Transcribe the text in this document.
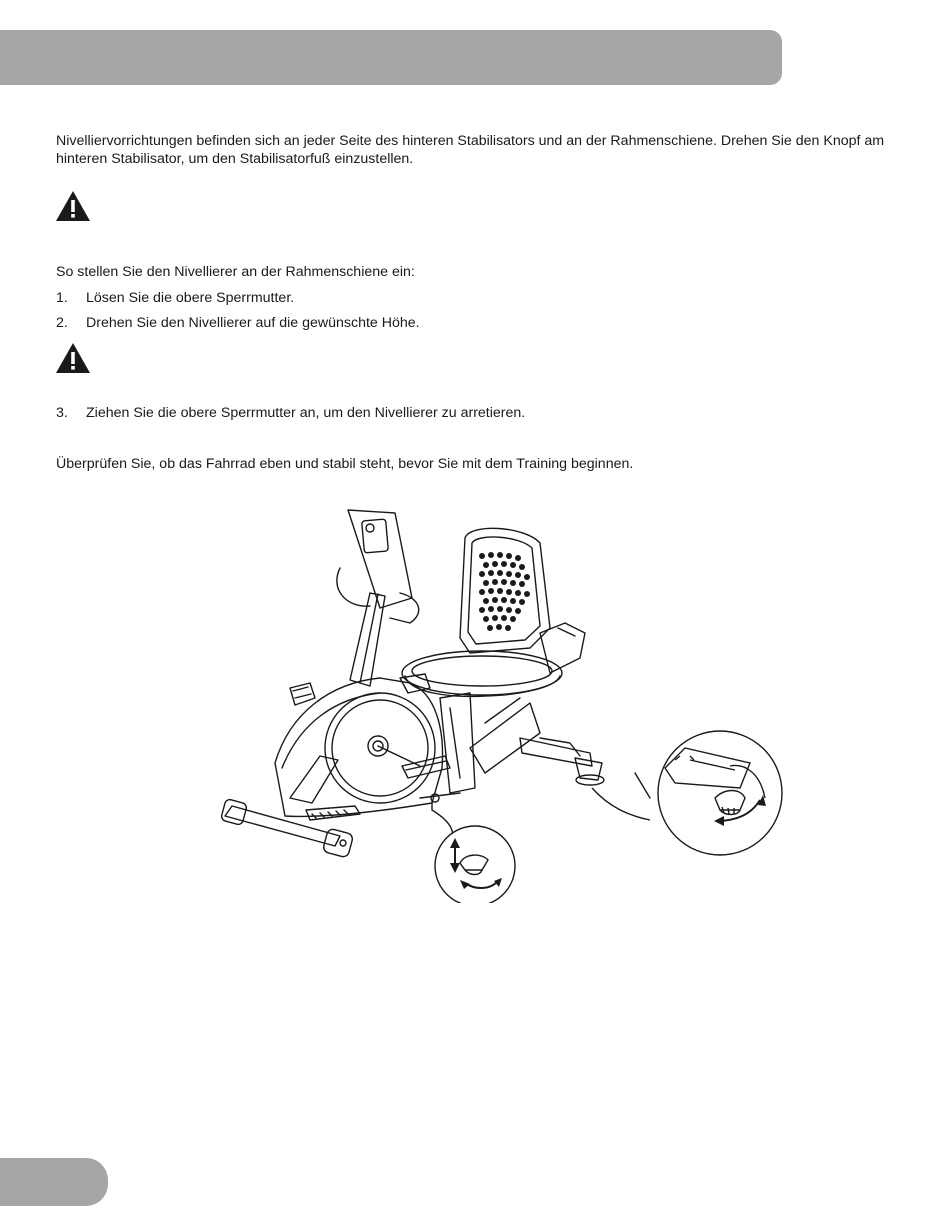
Nivelliervorrichtungen befinden sich an jeder Seite des hinteren Stabilisators und an der Rahmenschiene. Drehen Sie den Knopf am hinteren Stabilisator, um den Stabilisatorfuß einzustellen.

So stellen Sie den Nivellierer an der Rahmenschiene ein:

1.	Lösen Sie die obere Sperrmutter.
2.	Drehen Sie den Nivellierer auf die gewünschte Höhe.
3.	Ziehen Sie die obere Sperrmutter an, um den Nivellierer zu arretieren.

Überprüfen Sie, ob das Fahrrad eben und stabil steht, bevor Sie mit dem Training beginnen.
